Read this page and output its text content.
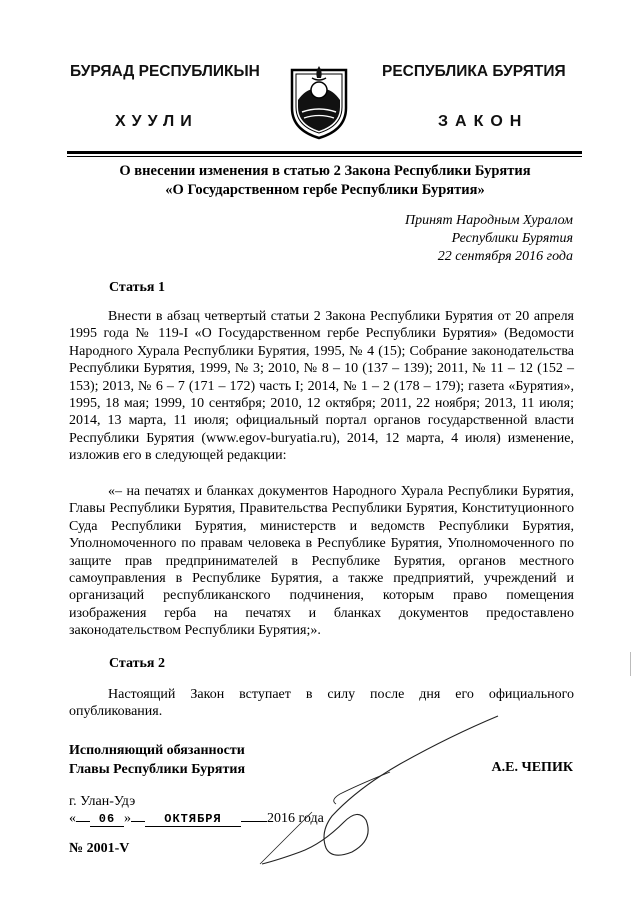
БУРЯАД РЕСПУБЛИКЫН	РЕСПУБЛИКА БУРЯТИЯ
ХУУЛИ	ЗАКОН
О внесении изменения в статью 2 Закона Республики Бурятия
«О Государственном гербе Республики Бурятия»
Принят Народным Хуралом
Республики Бурятия
22 сентября 2016 года
Статья 1
Внести в абзац четвертый статьи 2 Закона Республики Бурятия от 20 апреля 1995 года № 119-I «О Государственном гербе Республики Бурятия» (Ведомости Народного Хурала Республики Бурятия, 1995, № 4 (15); Собрание законодательства Республики Бурятия, 1999, № 3; 2010, № 8 – 10 (137 – 139); 2011, № 11 – 12 (152 – 153); 2013, № 6 – 7 (171 – 172) часть I; 2014, № 1 – 2 (178 – 179); газета «Бурятия», 1995, 18 мая; 1999, 10 сентября; 2010, 12 октября; 2011, 22 ноября; 2013, 11 июля; 2014, 13 марта, 11 июля; официальный портал органов государственной власти Республики Бурятия (www.egov-buryatia.ru), 2014, 12 марта, 4 июля) изменение, изложив его в следующей редакции:
«– на печатях и бланках документов Народного Хурала Республики Бурятия, Главы Республики Бурятия, Правительства Республики Бурятия, Конституционного Суда Республики Бурятия, министерств и ведомств Республики Бурятия, Уполномоченного по правам человека в Республике Бурятия, Уполномоченного по защите прав предпринимателей в Республике Бурятия, органов местного самоуправления в Республике Бурятия, а также предприятий, учреждений и организаций республиканского подчинения, которым право помещения изображения герба на печатях и бланках документов предоставлено законодательством Республики Бурятия;».
Статья 2
Настоящий Закон вступает в силу после дня его официального опубликования.
Исполняющий обязанности
Главы Республики Бурятия	А.Е. ЧЕПИК
г. Улан-Удэ
« 06 »	ОКТЯБРЯ	2016 года
№ 2001-V
